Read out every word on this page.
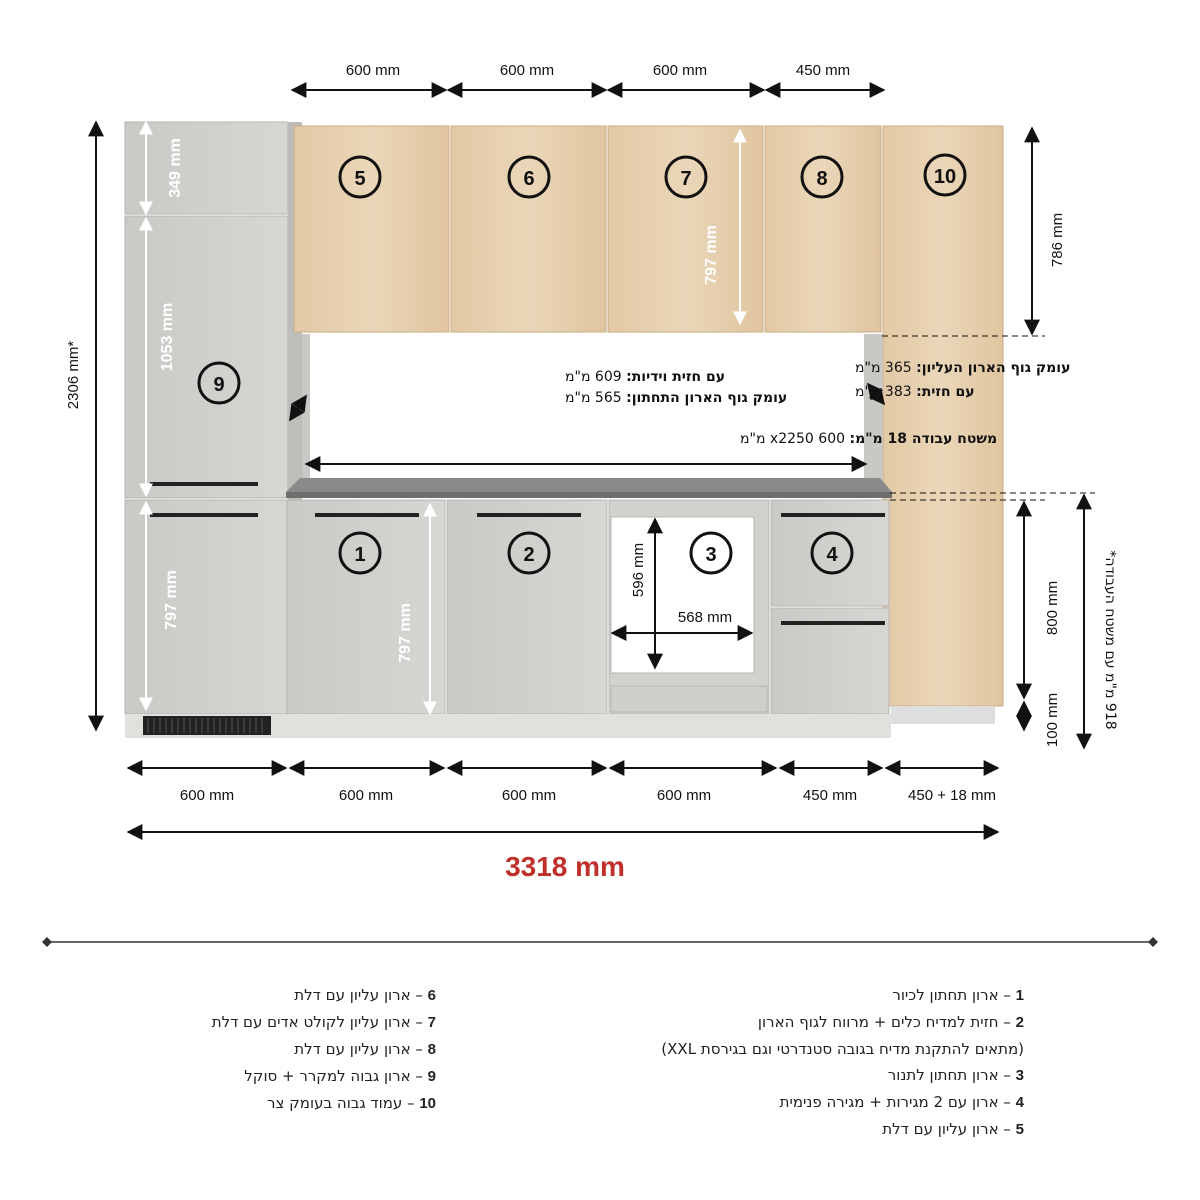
600 mm	600 mm	600 mm	450 mm
2306 mm*
349 mm
1053 mm
797 mm
797 mm	786 mm
עם חזית וידיות: 609 מ"מ
עומק גוף הארון התחתון: 565 מ"מ
עומק גוף הארון העליון: 365 מ"מ
עם חזית: 383 מ"מ
משטח עבודה 18 מ"מ: 600 x2250 מ"מ
797 mm
596 mm
568 mm
5	6	7	8	10
9
1	2	3	4
800 mm
100 mm
918 מ"מ עם משטח העבודה*
600 mm	600 mm	600 mm	600 mm	450 mm	450 + 18 mm
3318 mm
1 – ארון תחתון לכיור
2 – חזית למדיח כלים + מרווח לגוף הארון
(מתאים להתקנת מדיח בגובה סטנדרטי וגם בגירסת XXL)
3 – ארון תחתון לתנור
4 – ארון עם 2 מגירות + מגירה פנימית
5 – ארון עליון עם דלת
6 – ארון עליון עם דלת
7 – ארון עליון לקולט אדים עם דלת
8 – ארון עליון עם דלת
9 – ארון גבוה למקרר + סוקל
10 – עמוד גבוה בעומק צר
